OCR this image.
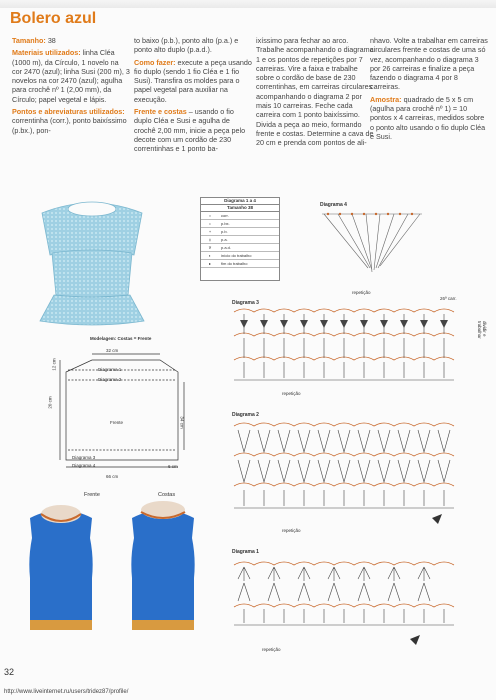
Bolero azul

Tamanho: 38

Materiais utilizados: linha Cléa (1000 m), da Círculo, 1 novelo na cor 2470 (azul); linha Susi (200 m), 3 novelos na cor 2470 (azul); agulha para crochê nº 1 (2,00 mm), da Círculo; papel vegetal e lápis.

Pontos e abreviaturas utilizados: correntinha (corr.), ponto baixíssimo (p.bx.), pon-

to baixo (p.b.), ponto alto (p.a.) e ponto alto duplo (p.a.d.).

Como fazer: execute a peça usando fio duplo (sendo 1 fio Cléa e 1 fio Susi). Transfira os moldes para o papel vegetal para auxiliar na execução.

Frente e costas – usando o fio duplo Cléa e Susi e agulha de crochê 2,00 mm, inicie a peça pelo decote com um cordão de 230 correntinhas e 1 ponto ba-

ixíssimo para fechar ao arco. Trabalhe acompanhando o diagrama 1 e os pontos de repetições por 7 carreiras. Vire a faixa e trabalhe sobre o cordão de base de 230 correntinhas, em carreiras circulares acompanhando o diagrama 2 por mais 10 carreiras. Feche cada carreira com 1 ponto baixíssimo. Divida a peça ao meio, formando frente e costas. Determine a cava de 20 cm e prenda com pontos de ali-

nhavo. Volte a trabalhar em carreiras circulares frente e costas de uma só vez, acompanhando o diagrama 3 por 26 carreiras e finalize a peça fazendo o diagrama 4 por 8 carreiras.

Amostra: quadrado de 5 x 5 cm (agulha para crochê nº 1) = 10 pontos x 4 carreiras, medidos sobre o ponto alto usando o fio duplo Cléa e Susi.

Diagrama 1 a 4
Tamanho 38
○	corr.
•	p.bx.
+	p.b.
‡	p.a.
₮	p.a.d.
◐	início do trabalho
▸	fim do trabalho
Diagrama 4
repetição
Modelagem: Costas = Frente
32 cm
Diagrama 1
Diagrama 2
Frente
Diagrama 3
Diagrama 4
66 cm
12 cm
20 cm
34 cm
6 cm
Frente	Costas
Diagrama 3
26ª carr.
dividir e trabalhar
repetição
Diagrama 2
repetição
Diagrama 1
repetição
32
http://www.liveinternet.ru/users/tridez87/profile/
